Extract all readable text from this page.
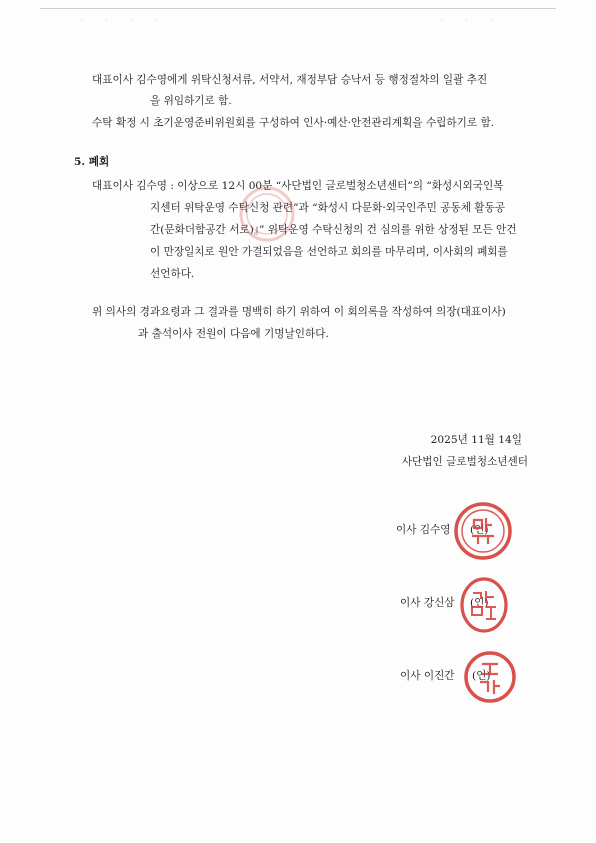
· · · ·	· · ·
대표이사 김수영에게 위탁신청서류, 서약서, 재정부담 승낙서 등 행정절차의 일괄 추진
을 위임하기로 함.
수탁 확정 시 초기운영준비위원회를 구성하여 인사·예산·안전관리계획을 수립하기로 함.
5. 폐회
대표이사 김수영 : 이상으로 12시 00분 “사단법인 글로벌청소년센터”의 “화성시외국인복
지센터 위탁운영 수탁신청 관련”과 “화성시 다문화·외국인주민 공동체 활동공
간(문화더함공간 서로)』” 위탁운영 수탁신청의 건 심의를 위한 상정된 모든 안건
이 만장일치로 원안 가결되었음을 선언하고 회의를 마무리며, 이사회의 폐회를
선언하다.
위 의사의 경과요령과 그 결과를 명백히 하기 위하여 이 회의록을 작성하여 의장(대표이사)
과 출석이사 전원이 다음에 기명날인하다.
2025년 11월 14일
사단법인 글로벌청소년센터
이사 김수영 (인)
이사 강신삼 (인)
이사 이진간 (인)
